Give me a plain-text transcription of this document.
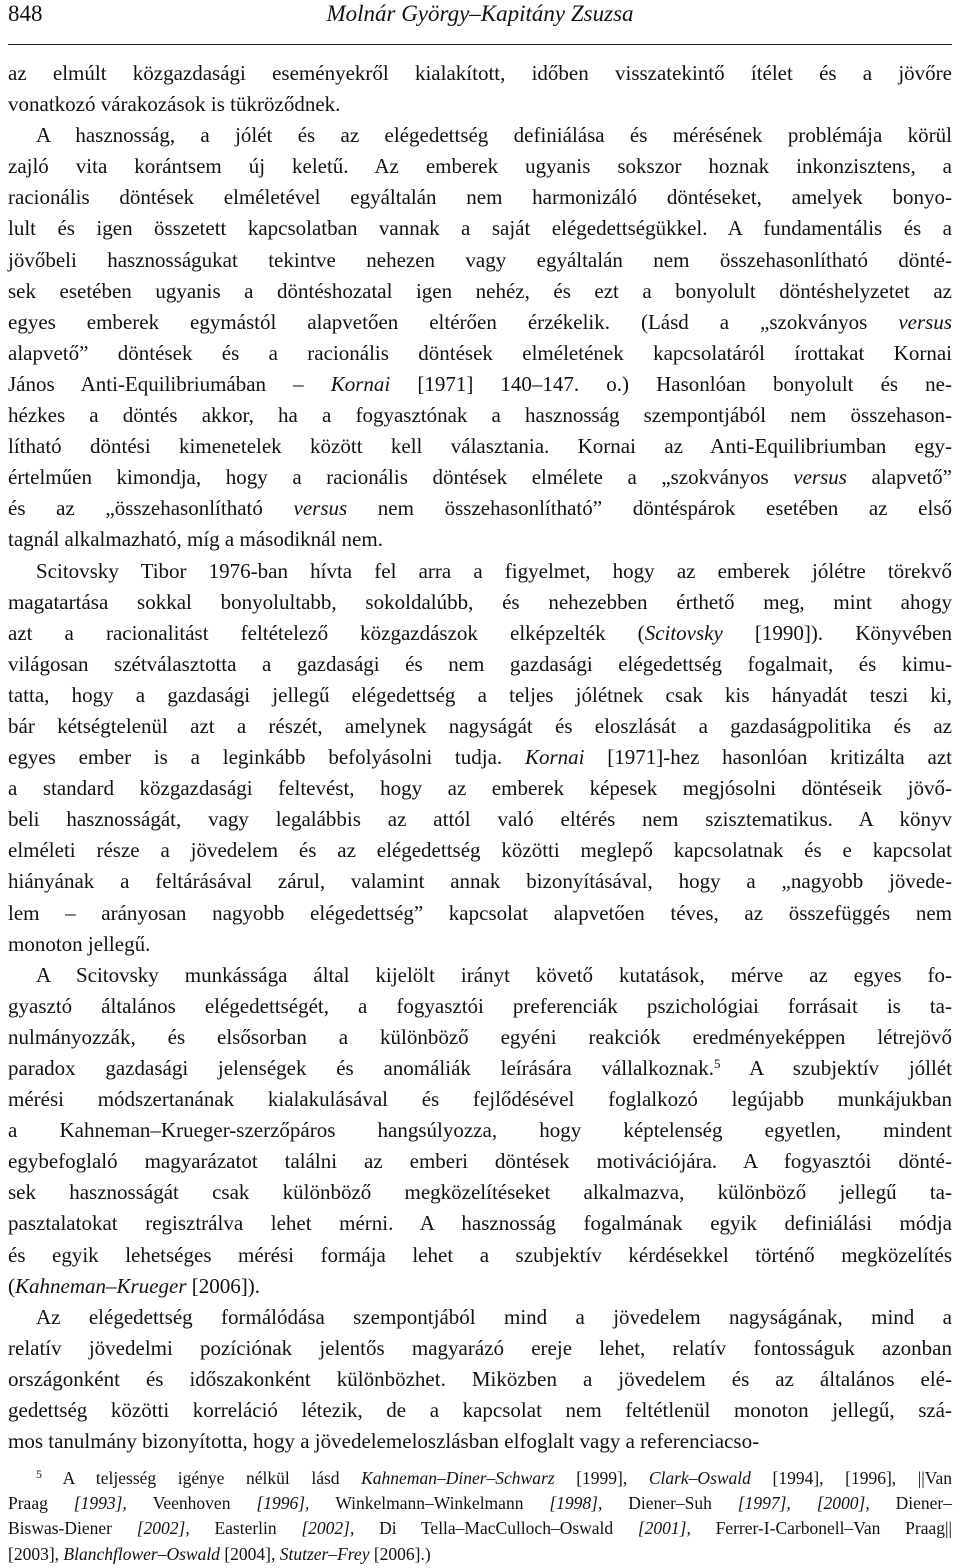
848	Molnár György–Kapitány Zsuzsa

az elmúlt közgazdasági eseményekről kialakított, időben visszatekintő ítélet és a jövőre
vonatkozó várakozások is tükröződnek.

A hasznosság, a jólét és az elégedettség definiálása és mérésének problémája körül
zajló vita korántsem új keletű. Az emberek ugyanis sokszor hoznak inkonzisztens, a
racionális döntések elméletével egyáltalán nem harmonizáló döntéseket, amelyek bonyo-
lult és igen összetett kapcsolatban vannak a saját elégedettségükkel. A fundamentális és a
jövőbeli hasznosságukat tekintve nehezen vagy egyáltalán nem összehasonlítható dönté-
sek esetében ugyanis a döntéshozatal igen nehéz, és ezt a bonyolult döntéshelyzetet az
egyes emberek egymástól alapvetően eltérően érzékelik. (Lásd a „szokványos versus
alapvető” döntések és a racionális döntések elméletének kapcsolatáról írottakat Kornai
János Anti-Equilibriumában – Kornai [1971] 140–147. o.) Hasonlóan bonyolult és ne-
hézkes a döntés akkor, ha a fogyasztónak a hasznosság szempontjából nem összehason-
lítható döntési kimenetelek között kell választania. Kornai az Anti-Equilibriumban egy-
értelműen kimondja, hogy a racionális döntések elmélete a „szokványos versus alapvető”
és az „összehasonlítható versus nem összehasonlítható” döntéspárok esetében az első
tagnál alkalmazható, míg a másodiknál nem.

Scitovsky Tibor 1976-ban hívta fel arra a figyelmet, hogy az emberek jólétre törekvő
magatartása sokkal bonyolultabb, sokoldalúbb, és nehezebben érthető meg, mint ahogy
azt a racionalitást feltételező közgazdászok elképzelték (Scitovsky [1990]). Könyvében
világosan szétválasztotta a gazdasági és nem gazdasági elégedettség fogalmait, és kimu-
tatta, hogy a gazdasági jellegű elégedettség a teljes jólétnek csak kis hányadát teszi ki,
bár kétségtelenül azt a részét, amelynek nagyságát és eloszlását a gazdaságpolitika és az
egyes ember is a leginkább befolyásolni tudja. Kornai [1971]-hez hasonlóan kritizálta azt
a standard közgazdasági feltevést, hogy az emberek képesek megjósolni döntéseik jövő-
beli hasznosságát, vagy legalábbis az attól való eltérés nem szisztematikus. A könyv
elméleti része a jövedelem és az elégedettség közötti meglepő kapcsolatnak és e kapcsolat
hiányának a feltárásával zárul, valamint annak bizonyításával, hogy a „nagyobb jövede-
lem – arányosan nagyobb elégedettség” kapcsolat alapvetően téves, az összefüggés nem
monoton jellegű.

A Scitovsky munkássága által kijelölt irányt követő kutatások, mérve az egyes fo-
gyasztó általános elégedettségét, a fogyasztói preferenciák pszichológiai forrásait is ta-
nulmányozzák, és elsősorban a különböző egyéni reakciók eredményeképpen létrejövő
paradox gazdasági jelenségek és anomáliák leírására vállalkoznak.$^5$ A szubjektív jóllét
mérési módszertanának kialakulásával és fejlődésével foglalkozó legújabb munkájukban
a Kahneman–Krueger-szerzőpáros hangsúlyozza, hogy képtelenség egyetlen, mindent
egybefoglaló magyarázatot találni az emberi döntések motivációjára. A fogyasztói dönté-
sek hasznosságát csak különböző megközelítéseket alkalmazva, különböző jellegű ta-
pasztalatokat regisztrálva lehet mérni. A hasznosság fogalmának egyik definiálási módja
és egyik lehetséges mérési formája lehet a szubjektív kérdésekkel történő megközelítés
(Kahneman–Krueger [2006]).

Az elégedettség formálódása szempontjából mind a jövedelem nagyságának, mind a
relatív jövedelmi pozíciónak jelentős magyarázó ereje lehet, relatív fontosságuk azonban
országonként és időszakonként különbözhet. Miközben a jövedelem és az általános elé-
gedettség közötti korreláció létezik, de a kapcsolat nem feltétlenül monoton jellegű, szá-
mos tanulmány bizonyította, hogy a jövedelemeloszlásban elfoglalt vagy a referenciacso-

$^5$ A teljesség igénye nélkül lásd Kahneman–Diner–Schwarz [1999], Clark–Oswald [1994], [1996], ||Van
Praag [1993], Veenhoven [1996], Winkelmann–Winkelmann [1998], Diener–Suh [1997], [2000], Diener–
Biswas-Diener [2002], Easterlin [2002], Di Tella–MacCulloch–Oswald [2001], Ferrer-I-Carbonell–Van Praag||
[2003], Blanchflower–Oswald [2004], Stutzer–Frey [2006].)
